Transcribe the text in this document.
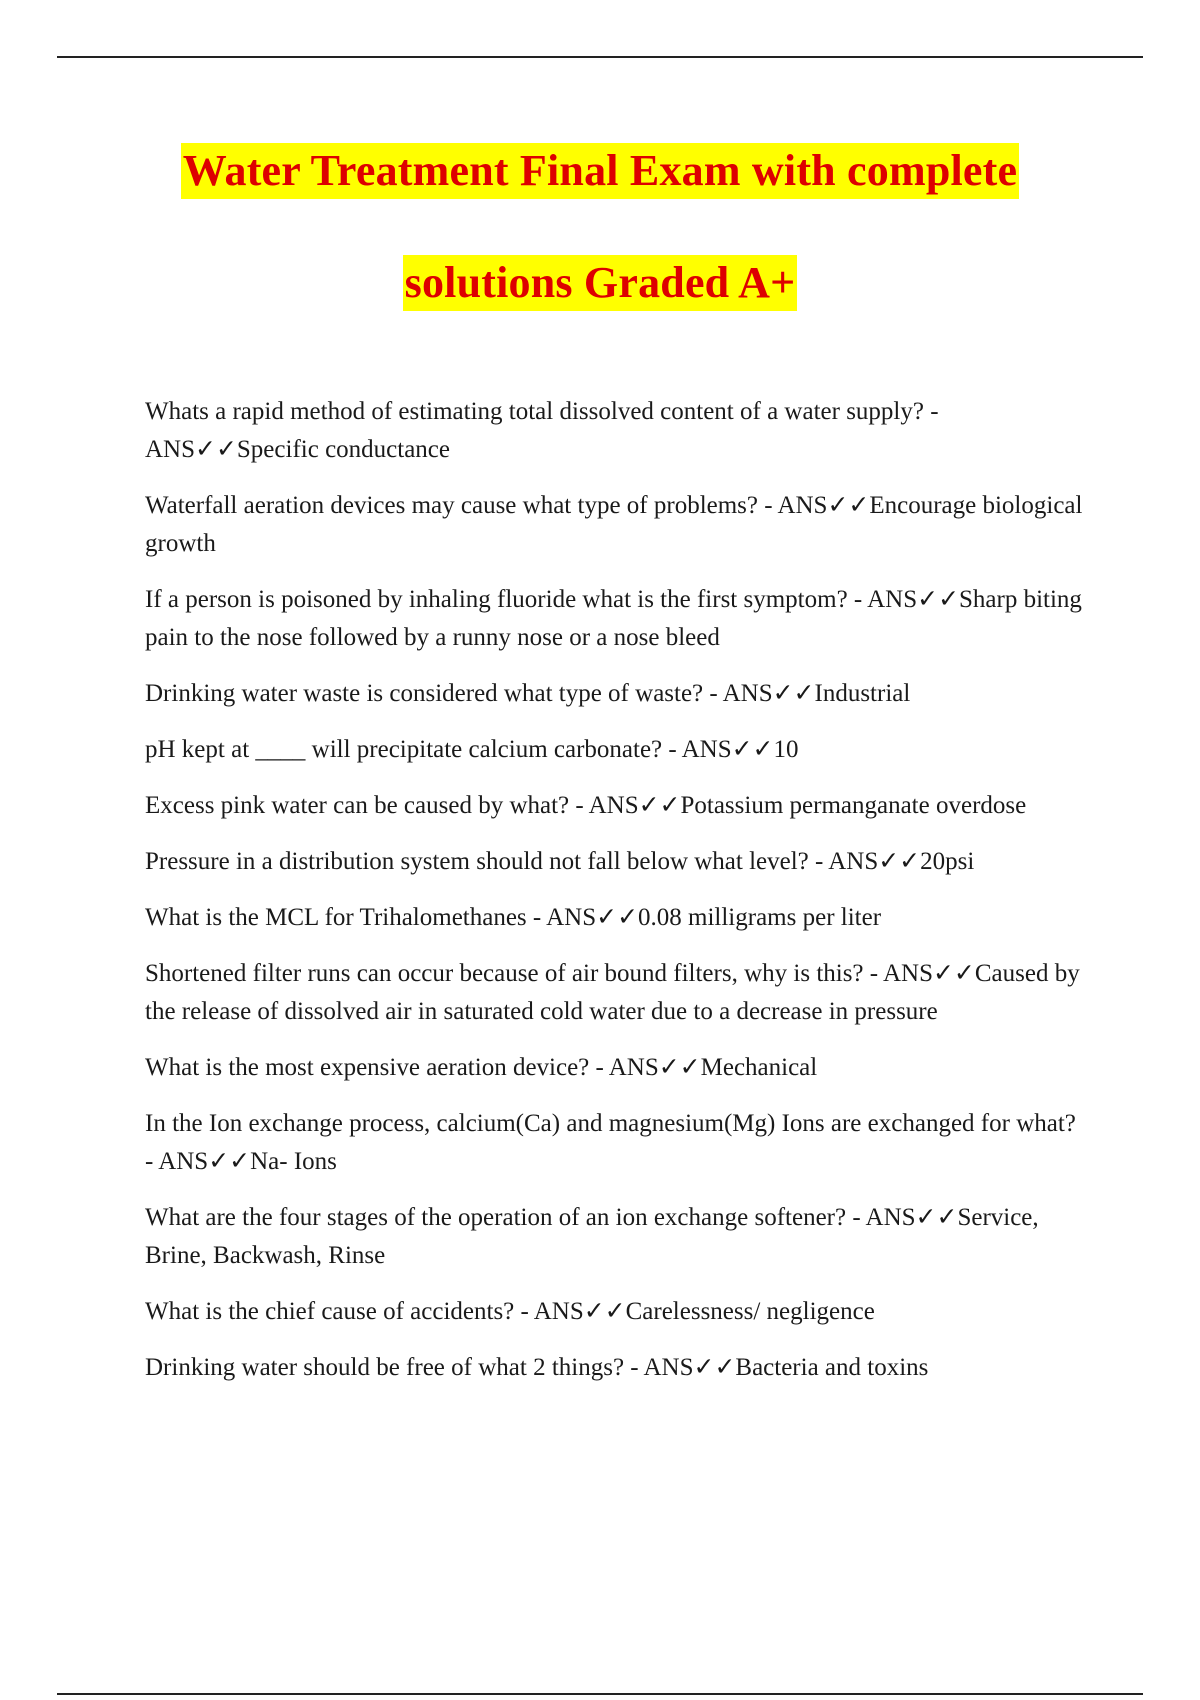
Water Treatment Final Exam with complete
solutions Graded A+
Whats a rapid method of estimating total dissolved content of a water supply? - ANS✓✓Specific conductance
Waterfall aeration devices may cause what type of problems? - ANS✓✓Encourage biological growth
If a person is poisoned by inhaling fluoride what is the first symptom? - ANS✓✓Sharp biting pain to the nose followed by a runny nose or a nose bleed
Drinking water waste is considered what type of waste? - ANS✓✓Industrial
pH kept at ____ will precipitate calcium carbonate? - ANS✓✓10
Excess pink water can be caused by what? - ANS✓✓Potassium permanganate overdose
Pressure in a distribution system should not fall below what level? - ANS✓✓20psi
What is the MCL for Trihalomethanes - ANS✓✓0.08 milligrams per liter
Shortened filter runs can occur because of air bound filters, why is this? - ANS✓✓Caused by the release of dissolved air in saturated cold water due to a decrease in pressure
What is the most expensive aeration device? - ANS✓✓Mechanical
In the Ion exchange process, calcium(Ca) and magnesium(Mg) Ions are exchanged for what? - ANS✓✓Na- Ions
What are the four stages of the operation of an ion exchange softener? - ANS✓✓Service, Brine, Backwash, Rinse
What is the chief cause of accidents? - ANS✓✓Carelessness/ negligence
Drinking water should be free of what 2 things? - ANS✓✓Bacteria and toxins
